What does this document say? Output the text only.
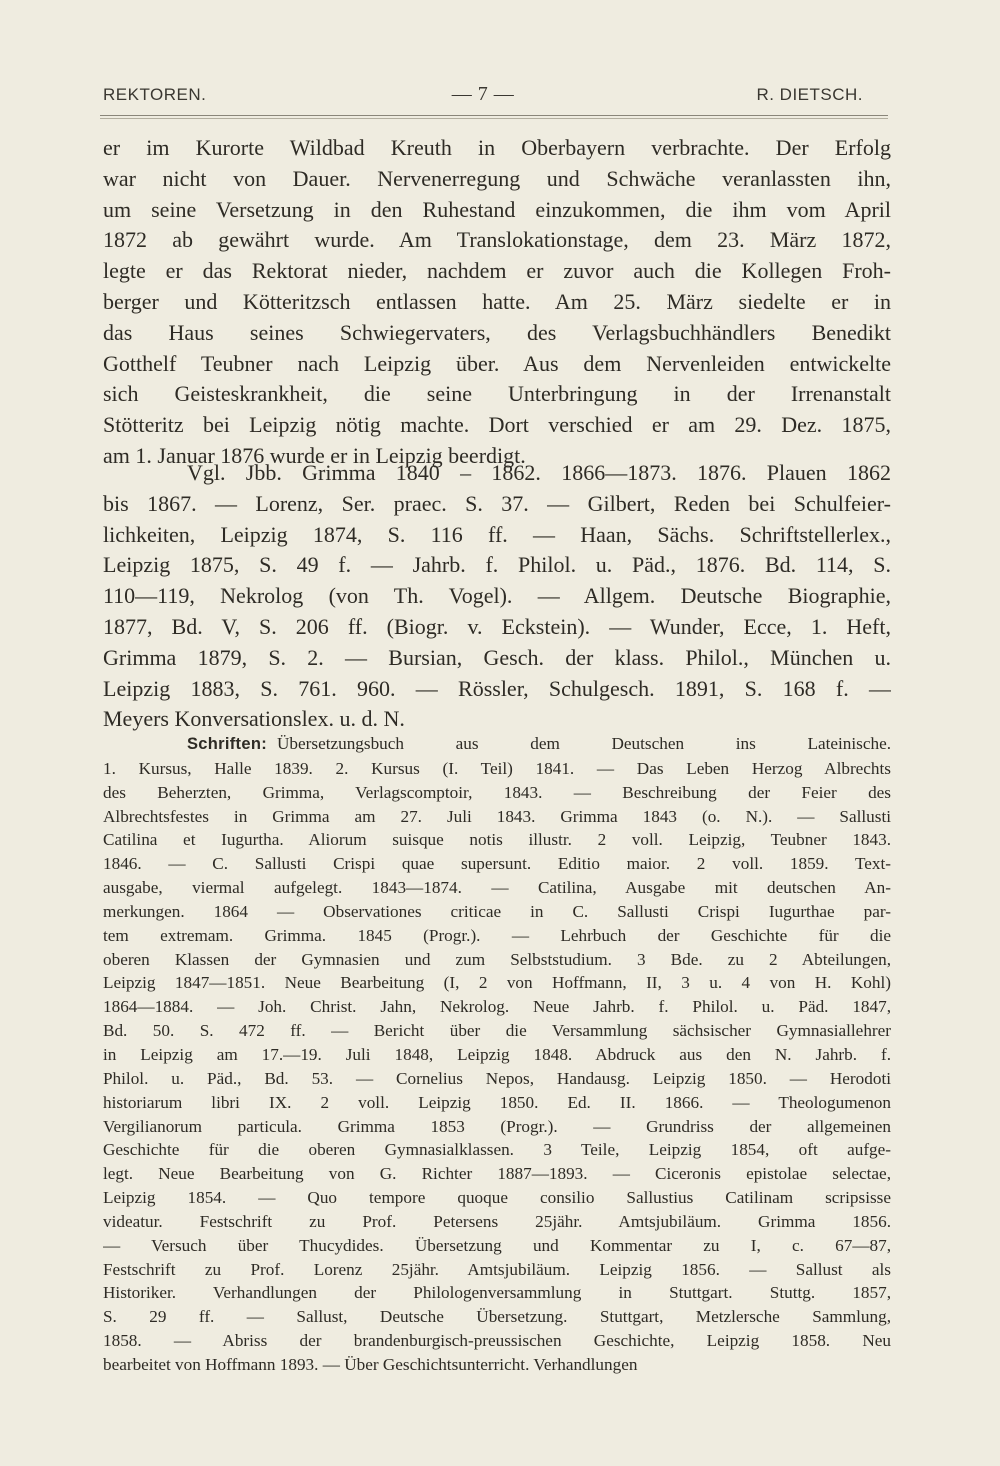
REKTOREN.	— 7 —	R. DIETSCH.
er im Kurorte Wildbad Kreuth in Oberbayern verbrachte. Der Erfolg
war nicht von Dauer. Nervenerregung und Schwäche veranlassten ihn,
um seine Versetzung in den Ruhestand einzukommen, die ihm vom April
1872 ab gewährt wurde. Am Translokationstage, dem 23. März 1872,
legte er das Rektorat nieder, nachdem er zuvor auch die Kollegen Froh-
berger und Kötteritzsch entlassen hatte. Am 25. März siedelte er in
das Haus seines Schwiegervaters, des Verlagsbuchhändlers Benedikt
Gotthelf Teubner nach Leipzig über. Aus dem Nervenleiden entwickelte
sich Geisteskrankheit, die seine Unterbringung in der Irrenanstalt
Stötteritz bei Leipzig nötig machte. Dort verschied er am 29. Dez. 1875,
am 1. Januar 1876 wurde er in Leipzig beerdigt.
Vgl. Jbb. Grimma 1840 – 1862. 1866—1873. 1876. Plauen 1862
bis 1867. — Lorenz, Ser. praec. S. 37. — Gilbert, Reden bei Schulfeier-
lichkeiten, Leipzig 1874, S. 116 ff. — Haan, Sächs. Schriftstellerlex.,
Leipzig 1875, S. 49 f. — Jahrb. f. Philol. u. Päd., 1876. Bd. 114, S.
110—119, Nekrolog (von Th. Vogel). — Allgem. Deutsche Biographie,
1877, Bd. V, S. 206 ff. (Biogr. v. Eckstein). — Wunder, Ecce, 1. Heft,
Grimma 1879, S. 2. — Bursian, Gesch. der klass. Philol., München u.
Leipzig 1883, S. 761. 960. — Rössler, Schulgesch. 1891, S. 168 f. —
Meyers Konversationslex. u. d. N.
Schriften: Übersetzungsbuch aus dem Deutschen ins Lateinische.
1. Kursus, Halle 1839. 2. Kursus (I. Teil) 1841. — Das Leben Herzog Albrechts
des Beherzten, Grimma, Verlagscomptoir, 1843. — Beschreibung der Feier des
Albrechtsfestes in Grimma am 27. Juli 1843. Grimma 1843 (o. N.). — Sallusti
Catilina et Iugurtha. Aliorum suisque notis illustr. 2 voll. Leipzig, Teubner 1843.
1846. — C. Sallusti Crispi quae supersunt. Editio maior. 2 voll. 1859. Text-
ausgabe, viermal aufgelegt. 1843—1874. — Catilina, Ausgabe mit deutschen An-
merkungen. 1864 — Observationes criticae in C. Sallusti Crispi Iugurthae par-
tem extremam. Grimma. 1845 (Progr.). — Lehrbuch der Geschichte für die
oberen Klassen der Gymnasien und zum Selbststudium. 3 Bde. zu 2 Abteilungen,
Leipzig 1847—1851. Neue Bearbeitung (I, 2 von Hoffmann, II, 3 u. 4 von H. Kohl)
1864—1884. — Joh. Christ. Jahn, Nekrolog. Neue Jahrb. f. Philol. u. Päd. 1847,
Bd. 50. S. 472 ff. — Bericht über die Versammlung sächsischer Gymnasiallehrer
in Leipzig am 17.—19. Juli 1848, Leipzig 1848. Abdruck aus den N. Jahrb. f.
Philol. u. Päd., Bd. 53. — Cornelius Nepos, Handausg. Leipzig 1850. — Herodoti
historiarum libri IX. 2 voll. Leipzig 1850. Ed. II. 1866. — Theologumenon
Vergilianorum particula. Grimma 1853 (Progr.). — Grundriss der allgemeinen
Geschichte für die oberen Gymnasialklassen. 3 Teile, Leipzig 1854, oft aufge-
legt. Neue Bearbeitung von G. Richter 1887—1893. — Ciceronis epistolae selectae,
Leipzig 1854. — Quo tempore quoque consilio Sallustius Catilinam scripsisse
videatur. Festschrift zu Prof. Petersens 25jähr. Amtsjubiläum. Grimma 1856.
— Versuch über Thucydides. Übersetzung und Kommentar zu I, c. 67—87,
Festschrift zu Prof. Lorenz 25jähr. Amtsjubiläum. Leipzig 1856. — Sallust als
Historiker. Verhandlungen der Philologenversammlung in Stuttgart. Stuttg. 1857,
S. 29 ff. — Sallust, Deutsche Übersetzung. Stuttgart, Metzlersche Sammlung,
1858. — Abriss der brandenburgisch-preussischen Geschichte, Leipzig 1858. Neu
bearbeitet von Hoffmann 1893. — Über Geschichtsunterricht. Verhandlungen
